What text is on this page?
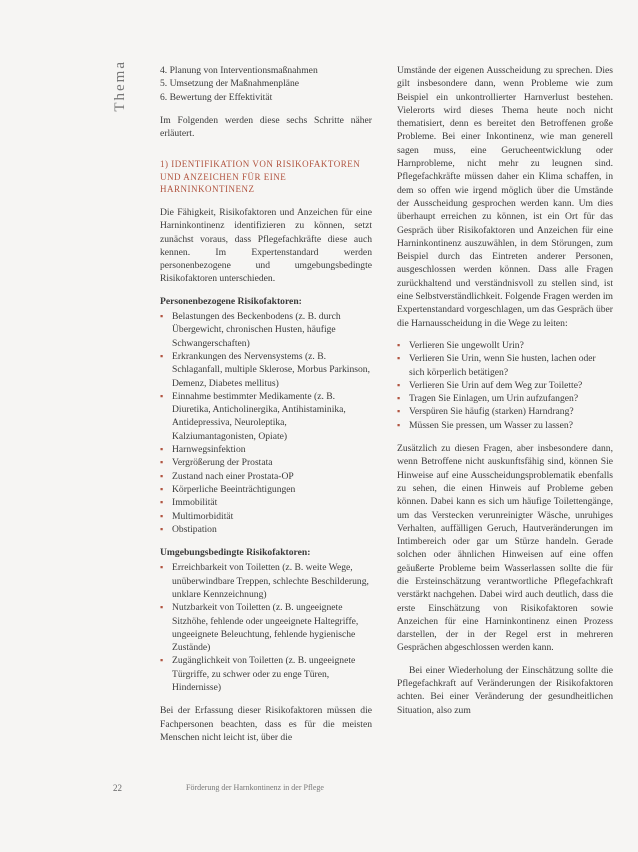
Thema	4. Planung von Interventionsmaßnahmen
5. Umsetzung der Maßnahmenpläne
6. Bewertung der Effektivität

Im Folgenden werden diese sechs Schritte näher erläutert.

1) IDENTIFIKATION VON RISIKOFAKTOREN UND ANZEICHEN FÜR EINE HARNINKONTINENZ

Die Fähigkeit, Risikofaktoren und Anzeichen für eine Harninkontinenz identifizieren zu können, setzt zunächst voraus, dass Pflegefachkräfte diese auch kennen. Im Expertenstandard werden personenbezogene und umgebungsbedingte Risikofaktoren unterschieden.

Personenbezogene Risikofaktoren:
▪ Belastungen des Beckenbodens (z. B. durch Übergewicht, chronischen Husten, häufige Schwangerschaften)
▪ Erkrankungen des Nervensystems (z. B. Schlaganfall, multiple Sklerose, Morbus Parkinson, Demenz, Diabetes mellitus)
▪ Einnahme bestimmter Medikamente (z. B. Diuretika, Anticholinergika, Antihistaminika, Antidepressiva, Neuroleptika, Kalziumantagonisten, Opiate)
▪ Harnwegsinfektion
▪ Vergrößerung der Prostata
▪ Zustand nach einer Prostata-OP
▪ Körperliche Beeinträchtigungen
▪ Immobilität
▪ Multimorbidität
▪ Obstipation
Umgebungsbedingte Risikofaktoren:
▪ Erreichbarkeit von Toiletten (z. B. weite Wege, unüberwindbare Treppen, schlechte Beschilderung, unklare Kennzeichnung)
▪ Nutzbarkeit von Toiletten (z. B. ungeeignete Sitzhöhe, fehlende oder ungeeignete Haltegriffe, ungeeignete Beleuchtung, fehlende hygienische Zustände)
▪ Zugänglichkeit von Toiletten (z. B. ungeeignete Türgriffe, zu schwer oder zu enge Türen, Hindernisse)

Bei der Erfassung dieser Risikofaktoren müssen die Fachpersonen beachten, dass es für die meisten Menschen nicht leicht ist, über die

Umstände der eigenen Ausscheidung zu sprechen. Dies gilt insbesondere dann, wenn Probleme wie zum Beispiel ein unkontrollierter Harnverlust bestehen. Vielerorts wird dieses Thema heute noch nicht thematisiert, denn es bereitet den Betroffenen große Probleme. Bei einer Inkontinenz, wie man generell sagen muss, eine Gerucheentwicklung oder Harnprobleme, nicht mehr zu leugnen sind. Pflegefachkräfte müssen daher ein Klima schaffen, in dem so offen wie irgend möglich über die Umstände der Ausscheidung gesprochen werden kann. Um dies überhaupt erreichen zu können, ist ein Ort für das Gespräch über Risikofaktoren und Anzeichen für eine Harninkontinenz auszuwählen, in dem Störungen, zum Beispiel durch das Eintreten anderer Personen, ausgeschlossen werden können. Dass alle Fragen zurückhaltend und verständnisvoll zu stellen sind, ist eine Selbstverständlichkeit. Folgende Fragen werden im Expertenstandard vorgeschlagen, um das Gespräch über die Harnausscheidung in die Wege zu leiten:

▪ Verlieren Sie ungewollt Urin?
▪ Verlieren Sie Urin, wenn Sie husten, lachen oder sich körperlich betätigen?
▪ Verlieren Sie Urin auf dem Weg zur Toilette?
▪ Tragen Sie Einlagen, um Urin aufzufangen?
▪ Verspüren Sie häufig (starken) Harndrang?
▪ Müssen Sie pressen, um Wasser zu lassen?

Zusätzlich zu diesen Fragen, aber insbesondere dann, wenn Betroffene nicht auskunftsfähig sind, können Sie Hinweise auf eine Ausscheidungsproblematik ebenfalls zu sehen, die einen Hinweis auf Probleme geben können. Dabei kann es sich um häufige Toilettengänge, um das Verstecken verunreinigter Wäsche, unruhiges Verhalten, auffälligen Geruch, Hautveränderungen im Intimbereich oder gar um Stürze handeln. Gerade solchen oder ähnlichen Hinweisen auf eine offen geäußerte Probleme beim Wasserlassen sollte die für die Ersteinschätzung verantwortliche Pflegefachkraft verstärkt nachgehen. Dabei wird auch deutlich, dass die erste Einschätzung von Risikofaktoren sowie Anzeichen für eine Harninkontinenz einen Prozess darstellen, der in der Regel erst in mehreren Gesprächen abgeschlossen werden kann.

Bei einer Wiederholung der Einschätzung sollte die Pflegefachkraft auf Veränderungen der Risikofaktoren achten. Bei einer Veränderung der gesundheitlichen Situation, also zum

22	Förderung der Harnkontinenz in der Pflege
